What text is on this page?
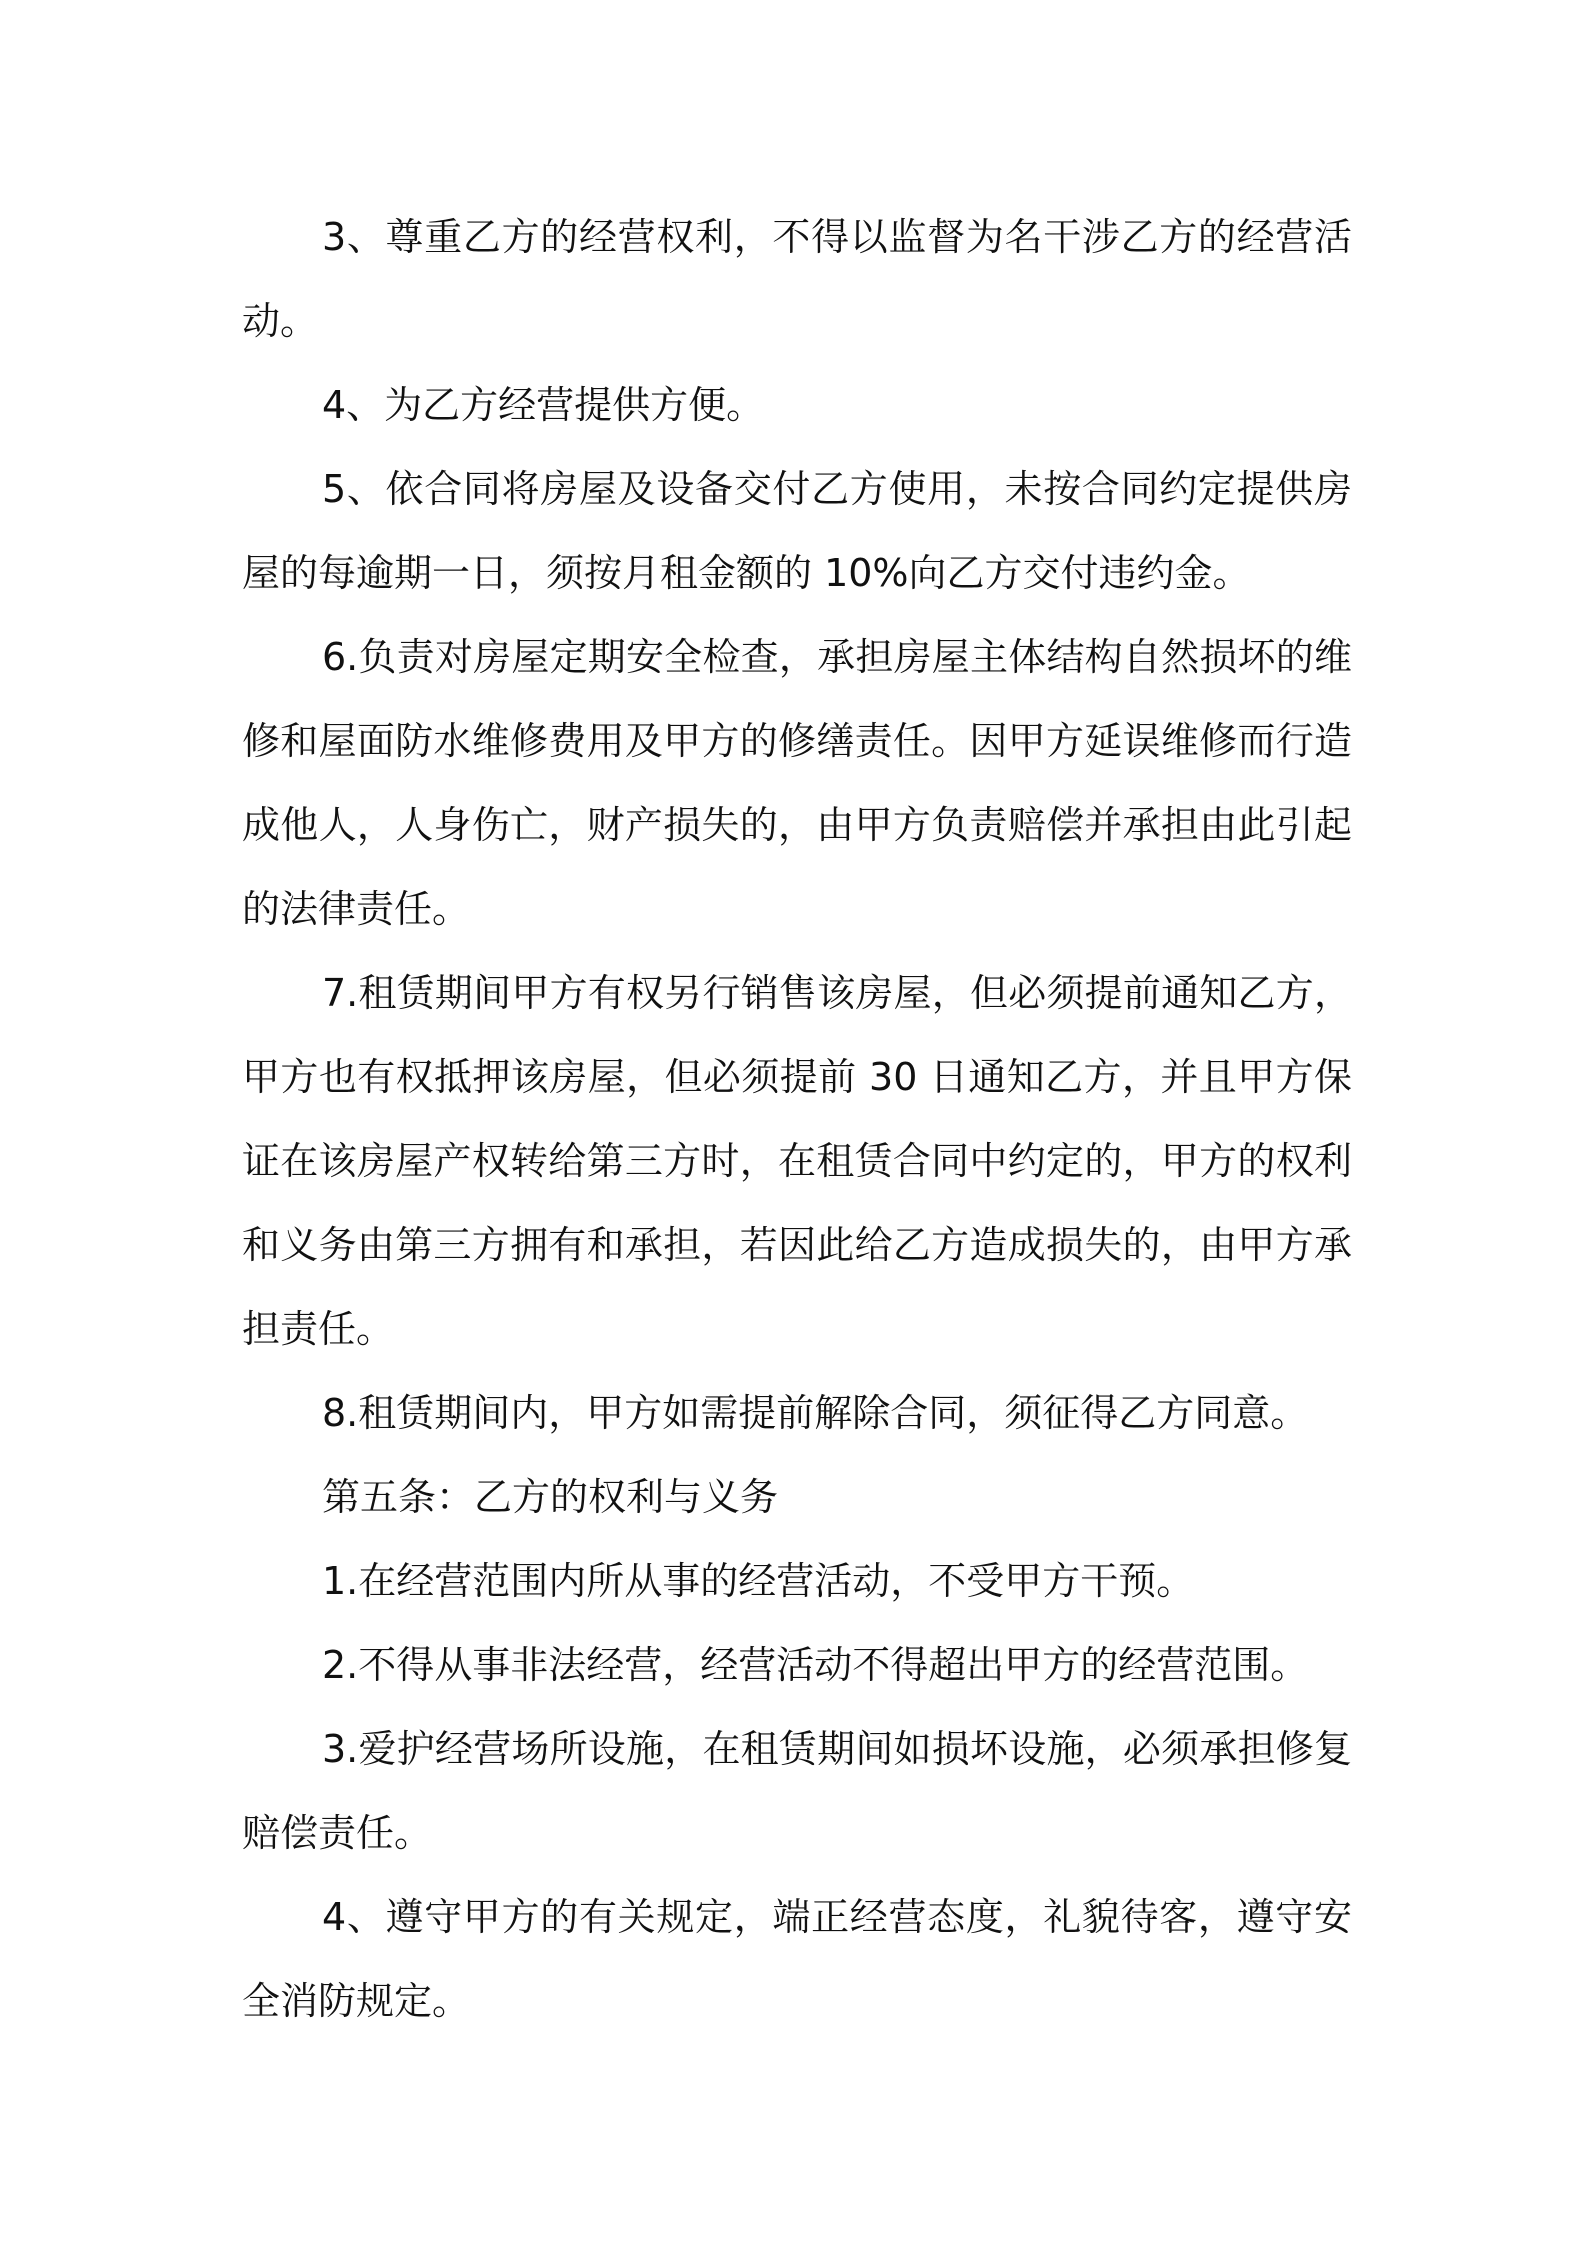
3、尊重乙方的经营权利，不得以监督为名干涉乙方的经营活动。

4、为乙方经营提供方便。

5、依合同将房屋及设备交付乙方使用，未按合同约定提供房屋的每逾期一日，须按月租金额的 10%向乙方交付违约金。

6.负责对房屋定期安全检查，承担房屋主体结构自然损坏的维修和屋面防水维修费用及甲方的修缮责任。因甲方延误维修而行造成他人，人身伤亡，财产损失的，由甲方负责赔偿并承担由此引起的法律责任。

7.租赁期间甲方有权另行销售该房屋，但必须提前通知乙方，甲方也有权抵押该房屋，但必须提前 30 日通知乙方，并且甲方保证在该房屋产权转给第三方时，在租赁合同中约定的，甲方的权利和义务由第三方拥有和承担，若因此给乙方造成损失的，由甲方承担责任。

8.租赁期间内，甲方如需提前解除合同，须征得乙方同意。

第五条：乙方的权利与义务

1.在经营范围内所从事的经营活动，不受甲方干预。

2.不得从事非法经营，经营活动不得超出甲方的经营范围。

3.爱护经营场所设施，在租赁期间如损坏设施，必须承担修复赔偿责任。

4、遵守甲方的有关规定，端正经营态度，礼貌待客，遵守安全消防规定。
